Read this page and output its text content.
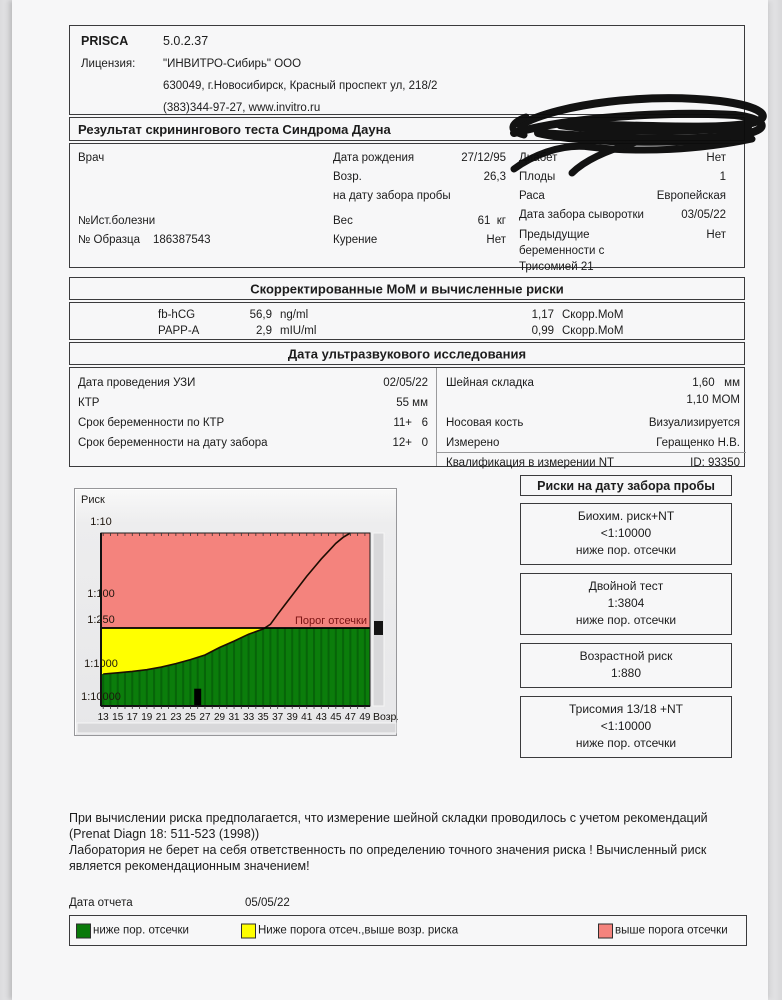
PRISCA	5.0.2.37
Лицензия: "ИНВИТРО-Сибирь" ООО
630049, г.Новосибирск, Красный проспект ул, 218/2
(383)344-97-27, www.invitro.ru
Результат скринингового теста Синдрома Дауна
Врач
№Ист.болезни
№ Образца 186387543
Дата рождения	27/12/95
Возр.	26,3
на дату забора пробы
Вес	61  кг
Курение	Нет
Диабет	Нет
Плоды	1
Раса	Европейская
Дата забора сыворотки	03/05/22
Предыдущие
беременности с
Трисомией 21
Нет
Скорректированные МоМ и вычисленные риски
fb-hCG	56,9 ng/ml	1,17 Скорр.MoM
PAPP-A	2,9 mIU/ml	0,99 Скорр.MoM
Дата ультразвукового исследования
Дата проведения УЗИ	02/05/22
КТР	55 мм
Срок беременности по КТР	11+   6
Срок беременности на дату забора	12+   0
Шейная складка	1,60   мм
1,10 МОМ
Носовая кость	Визуализируется
Измерено	Геращенко Н.В.
Квалификация в измерении NT	ID: 93350
Риск
1:10
1:100
1:250
1:1000
1:10000
Порог отсечки
13 15 17 19 21 23 25 27 29 31 33 35 37 39 41 43 45 47 49 Возр.
Риски на дату забора пробы
Биохим. риск+NT
<1:10000
ниже пор. отсечки
Двойной тест
1:3804
ниже пор. отсечки
Возрастной риск
1:880
Трисомия 13/18 +NT
<1:10000
ниже пор. отсечки
При вычислении риска предполагается, что измерение шейной складки проводилось с учетом рекомендаций
(Prenat Diagn 18: 511-523 (1998))
Лаборатория не берет на себя ответственность по определению точного значения риска ! Вычисленный риск
является рекомендационным значением!
Дата отчета	05/05/22
ниже пор. отсечки	Ниже порога отсеч.,выше возр. риска	выше порога отсечки
